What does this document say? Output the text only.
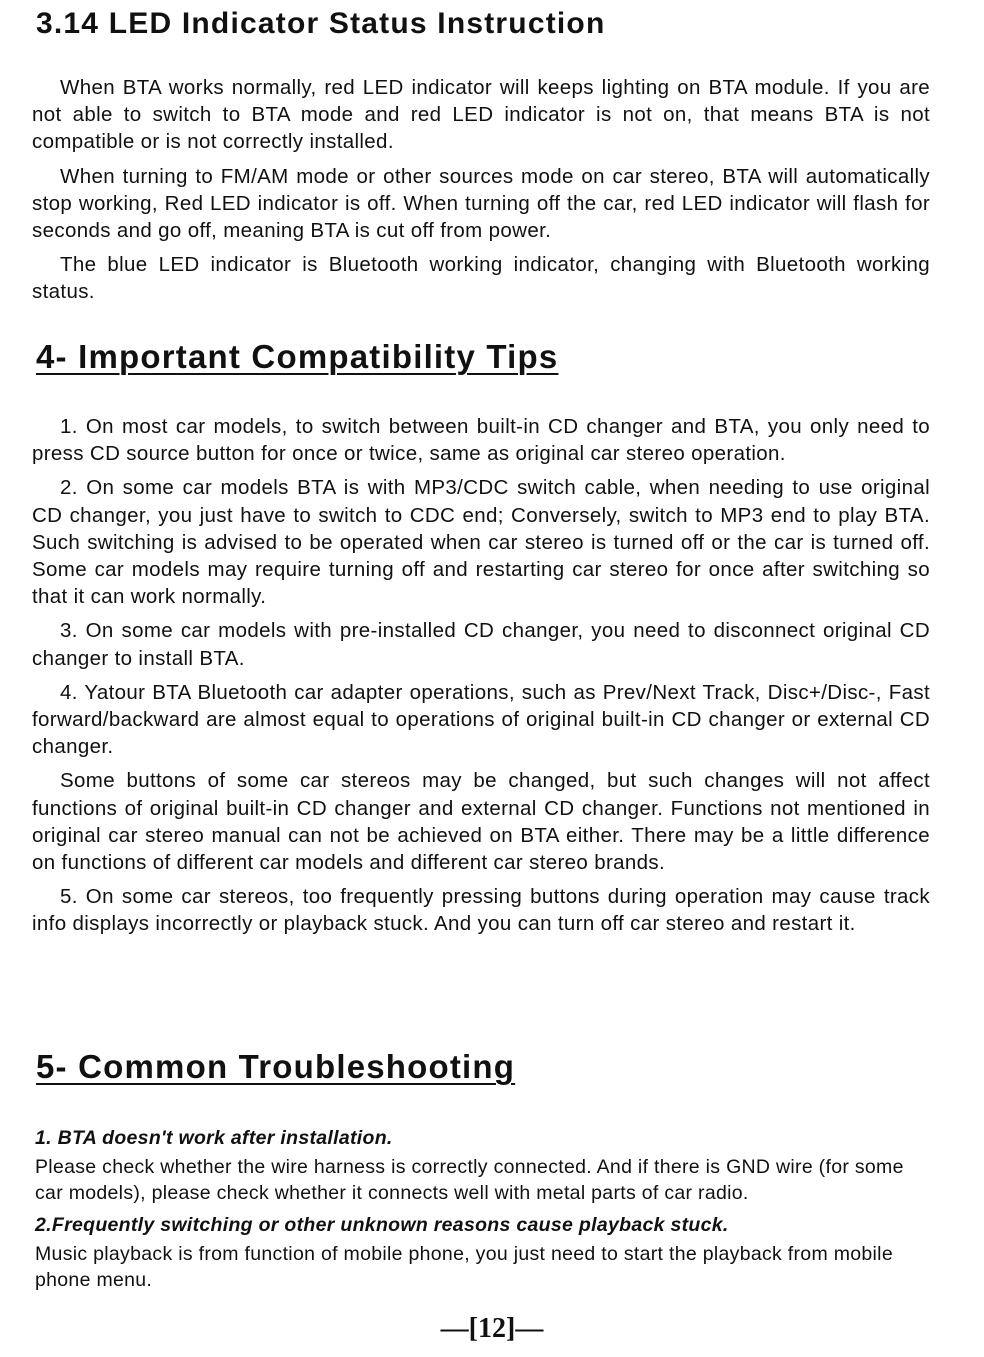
3.14 LED Indicator Status Instruction

When BTA works normally, red LED indicator will keeps lighting on BTA module. If you are not able to switch to BTA mode and red LED indicator is not on, that means BTA is not compatible or is not correctly installed.

When turning to FM/AM mode or other sources mode on car stereo, BTA will automatically stop working, Red LED indicator is off. When turning off the car, red LED indicator will flash for seconds and go off, meaning BTA is cut off from power.

The blue LED indicator is Bluetooth working indicator, changing with Bluetooth working status.

4- Important Compatibility Tips

1. On most car models, to switch between built-in CD changer and BTA, you only need to press CD source button for once or twice, same as original car stereo operation.

2. On some car models BTA is with MP3/CDC switch cable, when needing to use original CD changer, you just have to switch to CDC end; Conversely, switch to MP3 end to play BTA. Such switching is advised to be operated when car stereo is turned off or the car is turned off. Some car models may require turning off and restarting car stereo for once after switching so that it can work normally.

3. On some car models with pre-installed CD changer, you need to disconnect original CD changer to install BTA.

4. Yatour BTA Bluetooth car adapter operations, such as Prev/Next Track, Disc+/Disc-, Fast forward/backward are almost equal to operations of original built-in CD changer or external CD changer.

Some buttons of some car stereos may be changed, but such changes will not affect functions of original built-in CD changer and external CD changer. Functions not mentioned in original car stereo manual can not be achieved on BTA either. There may be a little difference on functions of different car models and different car stereo brands.

5. On some car stereos, too frequently pressing buttons during operation may cause track info displays incorrectly or playback stuck. And you can turn off car stereo and restart it.

5- Common Troubleshooting
1. BTA doesn't work after installation.
Please check whether the wire harness is correctly connected. And if there is GND wire (for some car models), please check whether it connects well with metal parts of car radio.
2.Frequently switching or other unknown reasons cause playback stuck.
Music playback is from function of mobile phone, you just need to start the playback from mobile phone menu.
—[12]—
